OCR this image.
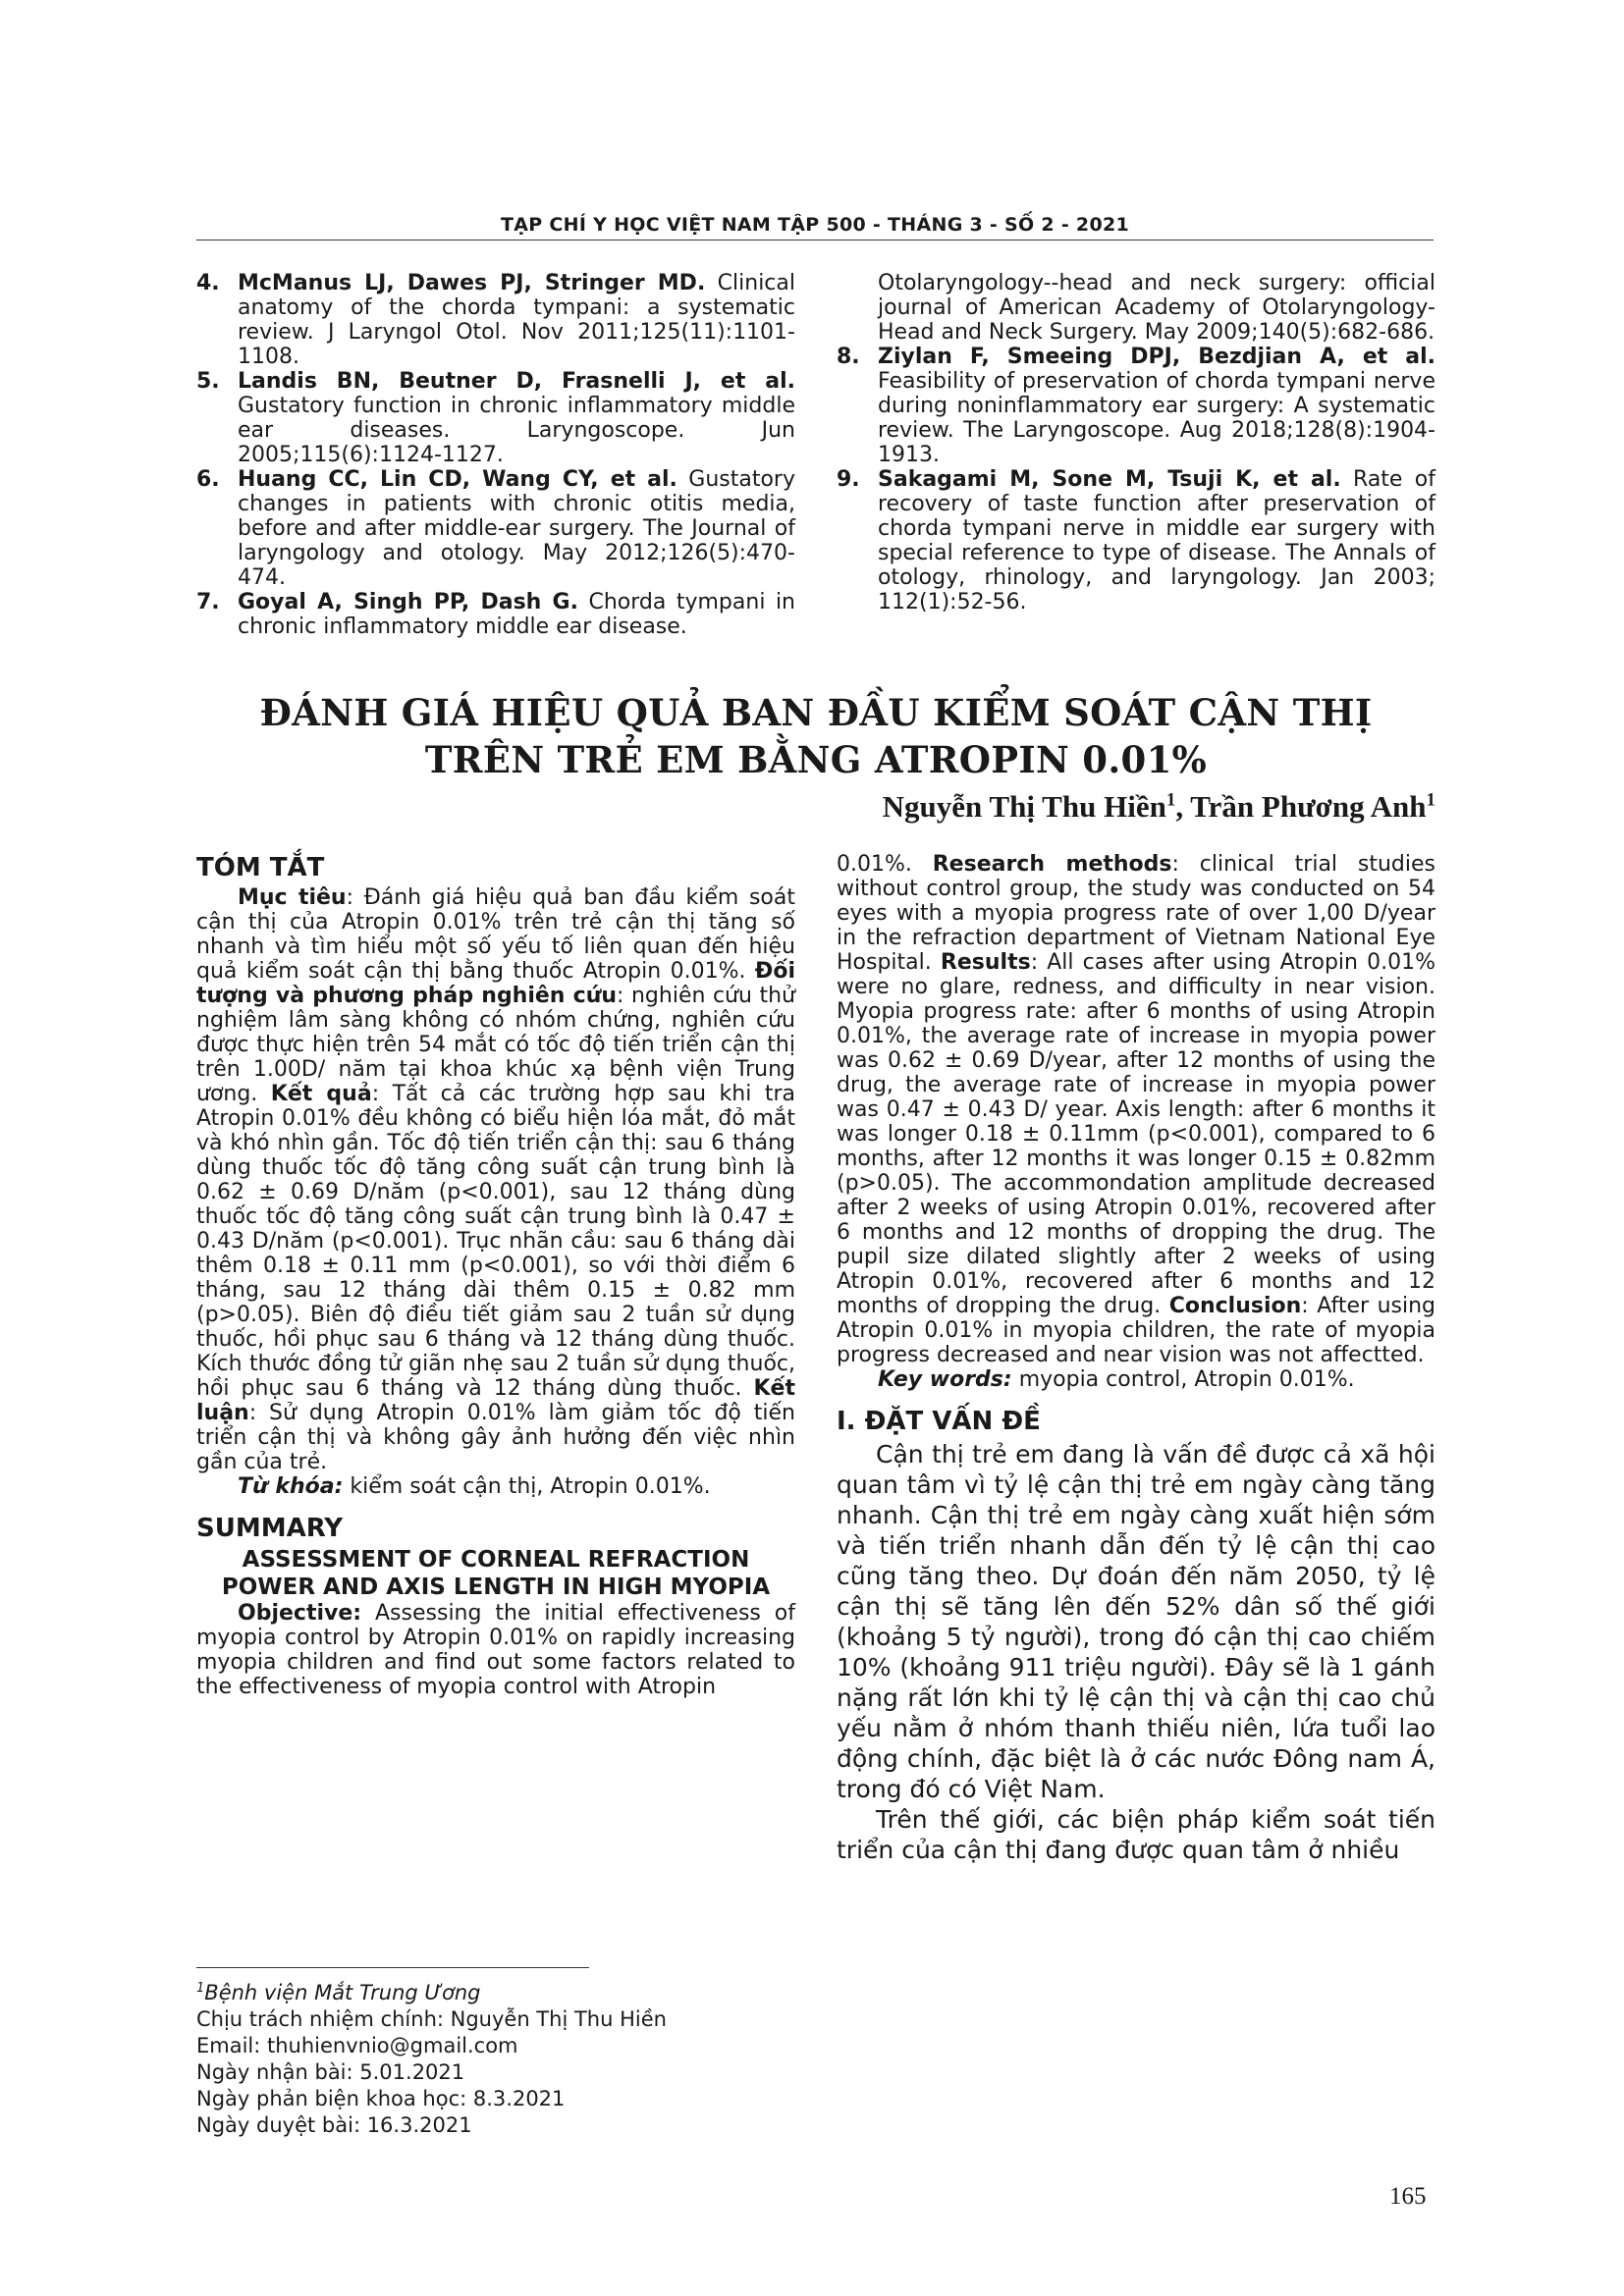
TẠP CHÍ Y HỌC VIỆT NAM TẬP 500 - THÁNG 3 - SỐ 2 - 2021
4. McManus LJ, Dawes PJ, Stringer MD. Clinical anatomy of the chorda tympani: a systematic review. J Laryngol Otol. Nov 2011;125(11):1101-1108.
5. Landis BN, Beutner D, Frasnelli J, et al. Gustatory function in chronic inflammatory middle ear diseases. Laryngoscope. Jun 2005;115(6):1124-1127.
6. Huang CC, Lin CD, Wang CY, et al. Gustatory changes in patients with chronic otitis media, before and after middle-ear surgery. The Journal of laryngology and otology. May 2012;126(5):470-474.
7. Goyal A, Singh PP, Dash G. Chorda tympani in chronic inflammatory middle ear disease.
Otolaryngology--head and neck surgery: official journal of American Academy of Otolaryngology-Head and Neck Surgery. May 2009;140(5):682-686.
8. Ziylan F, Smeeing DPJ, Bezdjian A, et al. Feasibility of preservation of chorda tympani nerve during noninflammatory ear surgery: A systematic review. The Laryngoscope. Aug 2018;128(8):1904-1913.
9. Sakagami M, Sone M, Tsuji K, et al. Rate of recovery of taste function after preservation of chorda tympani nerve in middle ear surgery with special reference to type of disease. The Annals of otology, rhinology, and laryngology. Jan 2003; 112(1):52-56.
ĐÁNH GIÁ HIỆU QUẢ BAN ĐẦU KIỂM SOÁT CẬN THỊ
TRÊN TRẺ EM BẰNG ATROPIN 0.01%
Nguyễn Thị Thu Hiền$^1$, Trần Phương Anh$^1$
TÓM TẮT

Mục tiêu: Đánh giá hiệu quả ban đầu kiểm soát cận thị của Atropin 0.01% trên trẻ cận thị tăng số nhanh và tìm hiểu một số yếu tố liên quan đến hiệu quả kiểm soát cận thị bằng thuốc Atropin 0.01%. Đối tượng và phương pháp nghiên cứu: nghiên cứu thử nghiệm lâm sàng không có nhóm chứng, nghiên cứu được thực hiện trên 54 mắt có tốc độ tiến triển cận thị trên 1.00D/ năm tại khoa khúc xạ bệnh viện Trung ương. Kết quả: Tất cả các trường hợp sau khi tra Atropin 0.01% đều không có biểu hiện lóa mắt, đỏ mắt và khó nhìn gần. Tốc độ tiến triển cận thị: sau 6 tháng dùng thuốc tốc độ tăng công suất cận trung bình là 0.62 ± 0.69 D/năm (p<0.001), sau 12 tháng dùng thuốc tốc độ tăng công suất cận trung bình là 0.47 ± 0.43 D/năm (p<0.001). Trục nhãn cầu: sau 6 tháng dài thêm 0.18 ± 0.11 mm (p<0.001), so với thời điểm 6 tháng, sau 12 tháng dài thêm 0.15 ± 0.82 mm (p>0.05). Biên độ điều tiết giảm sau 2 tuần sử dụng thuốc, hồi phục sau 6 tháng và 12 tháng dùng thuốc. Kích thước đồng tử giãn nhẹ sau 2 tuần sử dụng thuốc, hồi phục sau 6 tháng và 12 tháng dùng thuốc. Kết luận: Sử dụng Atropin 0.01% làm giảm tốc độ tiến triển cận thị và không gây ảnh hưởng đến việc nhìn gần của trẻ.

Từ khóa: kiểm soát cận thị, Atropin 0.01%.

SUMMARY

ASSESSMENT OF CORNEAL REFRACTION

POWER AND AXIS LENGTH IN HIGH MYOPIA

Objective: Assessing the initial effectiveness of myopia control by Atropin 0.01% on rapidly increasing myopia children and find out some factors related to the effectiveness of myopia control with Atropin

0.01%. Research methods: clinical trial studies without control group, the study was conducted on 54 eyes with a myopia progress rate of over 1,00 D/year in the refraction department of Vietnam National Eye Hospital. Results: All cases after using Atropin 0.01% were no glare, redness, and difficulty in near vision. Myopia progress rate: after 6 months of using Atropin 0.01%, the average rate of increase in myopia power was 0.62 ± 0.69 D/year, after 12 months of using the drug, the average rate of increase in myopia power was 0.47 ± 0.43 D/ year. Axis length: after 6 months it was longer 0.18 ± 0.11mm (p<0.001), compared to 6 months, after 12 months it was longer 0.15 ± 0.82mm (p>0.05). The accommondation amplitude decreased after 2 weeks of using Atropin 0.01%, recovered after 6 months and 12 months of dropping the drug. The pupil size dilated slightly after 2 weeks of using Atropin 0.01%, recovered after 6 months and 12 months of dropping the drug. Conclusion: After using Atropin 0.01% in myopia children, the rate of myopia progress decreased and near vision was not affectted.

Key words: myopia control, Atropin 0.01%.

I. ĐẶT VẤN ĐỀ

Cận thị trẻ em đang là vấn đề được cả xã hội quan tâm vì tỷ lệ cận thị trẻ em ngày càng tăng nhanh. Cận thị trẻ em ngày càng xuất hiện sớm và tiến triển nhanh dẫn đến tỷ lệ cận thị cao cũng tăng theo. Dự đoán đến năm 2050, tỷ lệ cận thị sẽ tăng lên đến 52% dân số thế giới (khoảng 5 tỷ người), trong đó cận thị cao chiếm 10% (khoảng 911 triệu người). Đây sẽ là 1 gánh nặng rất lớn khi tỷ lệ cận thị và cận thị cao chủ yếu nằm ở nhóm thanh thiếu niên, lứa tuổi lao động chính, đặc biệt là ở các nước Đông nam Á, trong đó có Việt Nam.

Trên thế giới, các biện pháp kiểm soát tiến triển của cận thị đang được quan tâm ở nhiều

$^1$Bệnh viện Mắt Trung Ương
Chịu trách nhiệm chính: Nguyễn Thị Thu Hiền
Email: thuhienvnio@gmail.com
Ngày nhận bài: 5.01.2021
Ngày phản biện khoa học: 8.3.2021
Ngày duyệt bài: 16.3.2021
165
